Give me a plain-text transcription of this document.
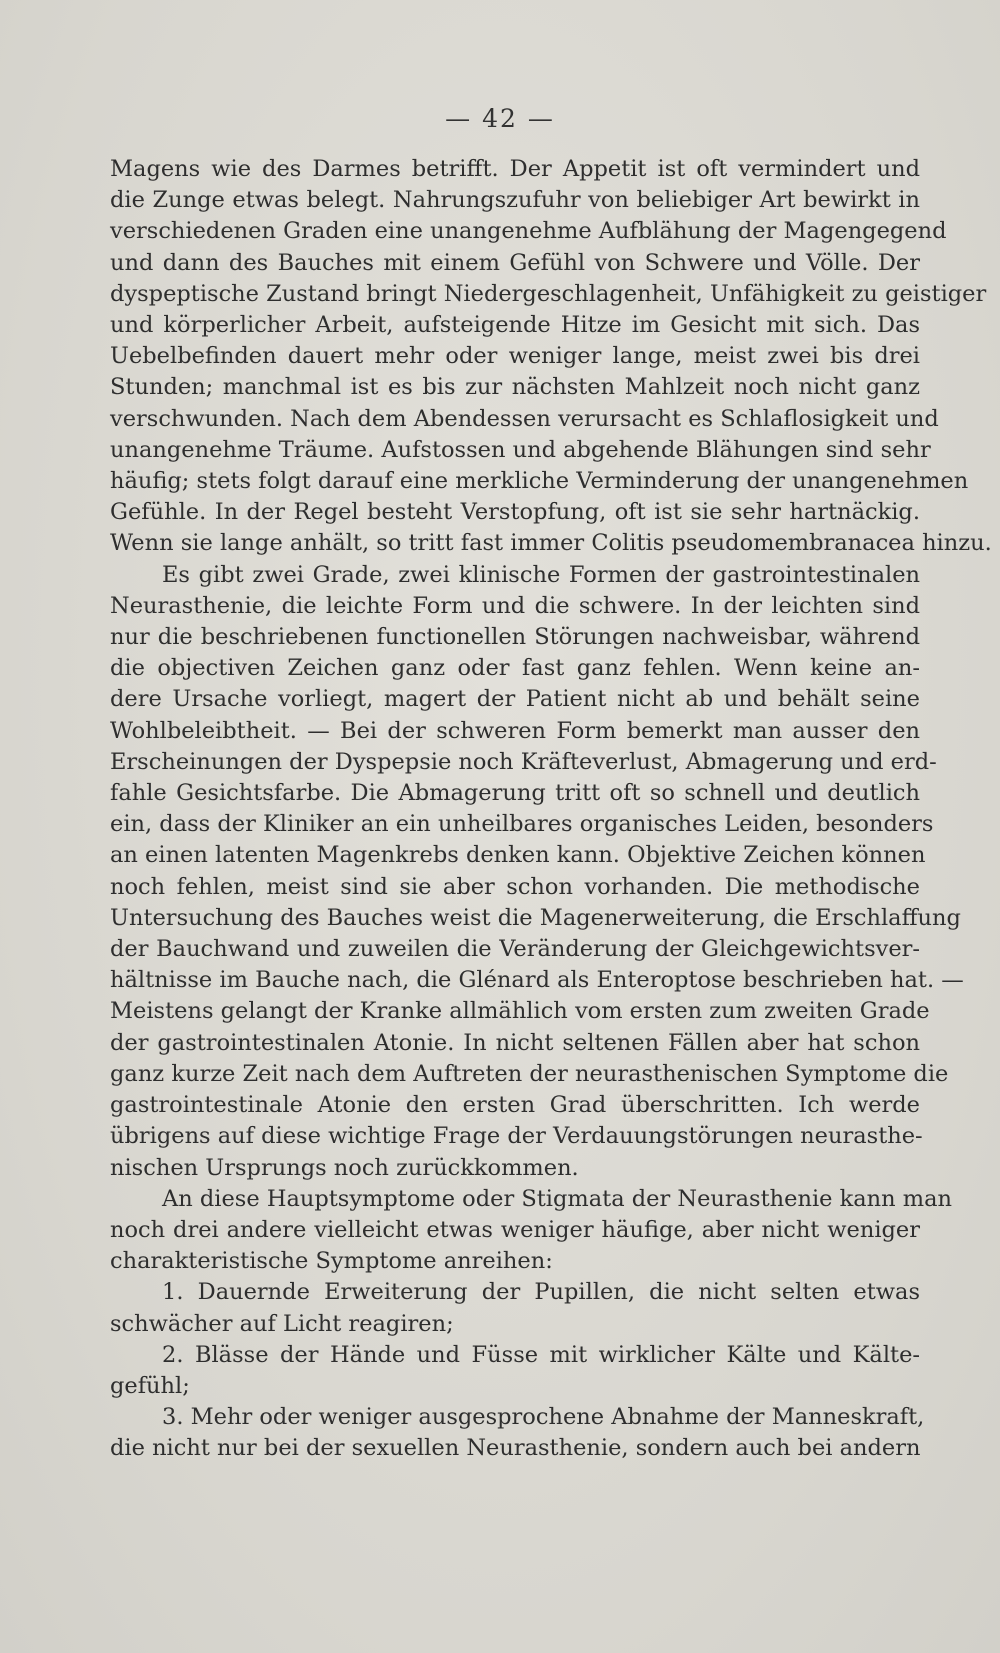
— 42 —
Magens wie des Darmes betrifft. Der Appetit ist oft vermindert und
die Zunge etwas belegt. Nahrungszufuhr von beliebiger Art bewirkt in
verschiedenen Graden eine unangenehme Aufblähung der Magengegend
und dann des Bauches mit einem Gefühl von Schwere und Völle. Der
dyspeptische Zustand bringt Niedergeschlagenheit, Unfähigkeit zu geistiger
und körperlicher Arbeit, aufsteigende Hitze im Gesicht mit sich. Das
Uebelbefinden dauert mehr oder weniger lange, meist zwei bis drei
Stunden; manchmal ist es bis zur nächsten Mahlzeit noch nicht ganz
verschwunden. Nach dem Abendessen verursacht es Schlaflosigkeit und
unangenehme Träume. Aufstossen und abgehende Blähungen sind sehr
häufig; stets folgt darauf eine merkliche Verminderung der unangenehmen
Gefühle. In der Regel besteht Verstopfung, oft ist sie sehr hartnäckig.
Wenn sie lange anhält, so tritt fast immer Colitis pseudomembranacea hinzu.
Es gibt zwei Grade, zwei klinische Formen der gastrointestinalen
Neurasthenie, die leichte Form und die schwere. In der leichten sind
nur die beschriebenen functionellen Störungen nachweisbar, während
die objectiven Zeichen ganz oder fast ganz fehlen. Wenn keine an-
dere Ursache vorliegt, magert der Patient nicht ab und behält seine
Wohlbeleibtheit. — Bei der schweren Form bemerkt man ausser den
Erscheinungen der Dyspepsie noch Kräfteverlust, Abmagerung und erd-
fahle Gesichtsfarbe. Die Abmagerung tritt oft so schnell und deutlich
ein, dass der Kliniker an ein unheilbares organisches Leiden, besonders
an einen latenten Magenkrebs denken kann. Objektive Zeichen können
noch fehlen, meist sind sie aber schon vorhanden. Die methodische
Untersuchung des Bauches weist die Magenerweiterung, die Erschlaffung
der Bauchwand und zuweilen die Veränderung der Gleichgewichtsver-
hältnisse im Bauche nach, die Glénard als Enteroptose beschrieben hat. —
Meistens gelangt der Kranke allmählich vom ersten zum zweiten Grade
der gastrointestinalen Atonie. In nicht seltenen Fällen aber hat schon
ganz kurze Zeit nach dem Auftreten der neurasthenischen Symptome die
gastrointestinale Atonie den ersten Grad überschritten. Ich werde
übrigens auf diese wichtige Frage der Verdauungstörungen neurasthe-
nischen Ursprungs noch zurückkommen.
An diese Hauptsymptome oder Stigmata der Neurasthenie kann man
noch drei andere vielleicht etwas weniger häufige, aber nicht weniger
charakteristische Symptome anreihen:
1. Dauernde Erweiterung der Pupillen, die nicht selten etwas
schwächer auf Licht reagiren;
2. Blässe der Hände und Füsse mit wirklicher Kälte und Kälte-
gefühl;
3. Mehr oder weniger ausgesprochene Abnahme der Manneskraft,
die nicht nur bei der sexuellen Neurasthenie, sondern auch bei andern
